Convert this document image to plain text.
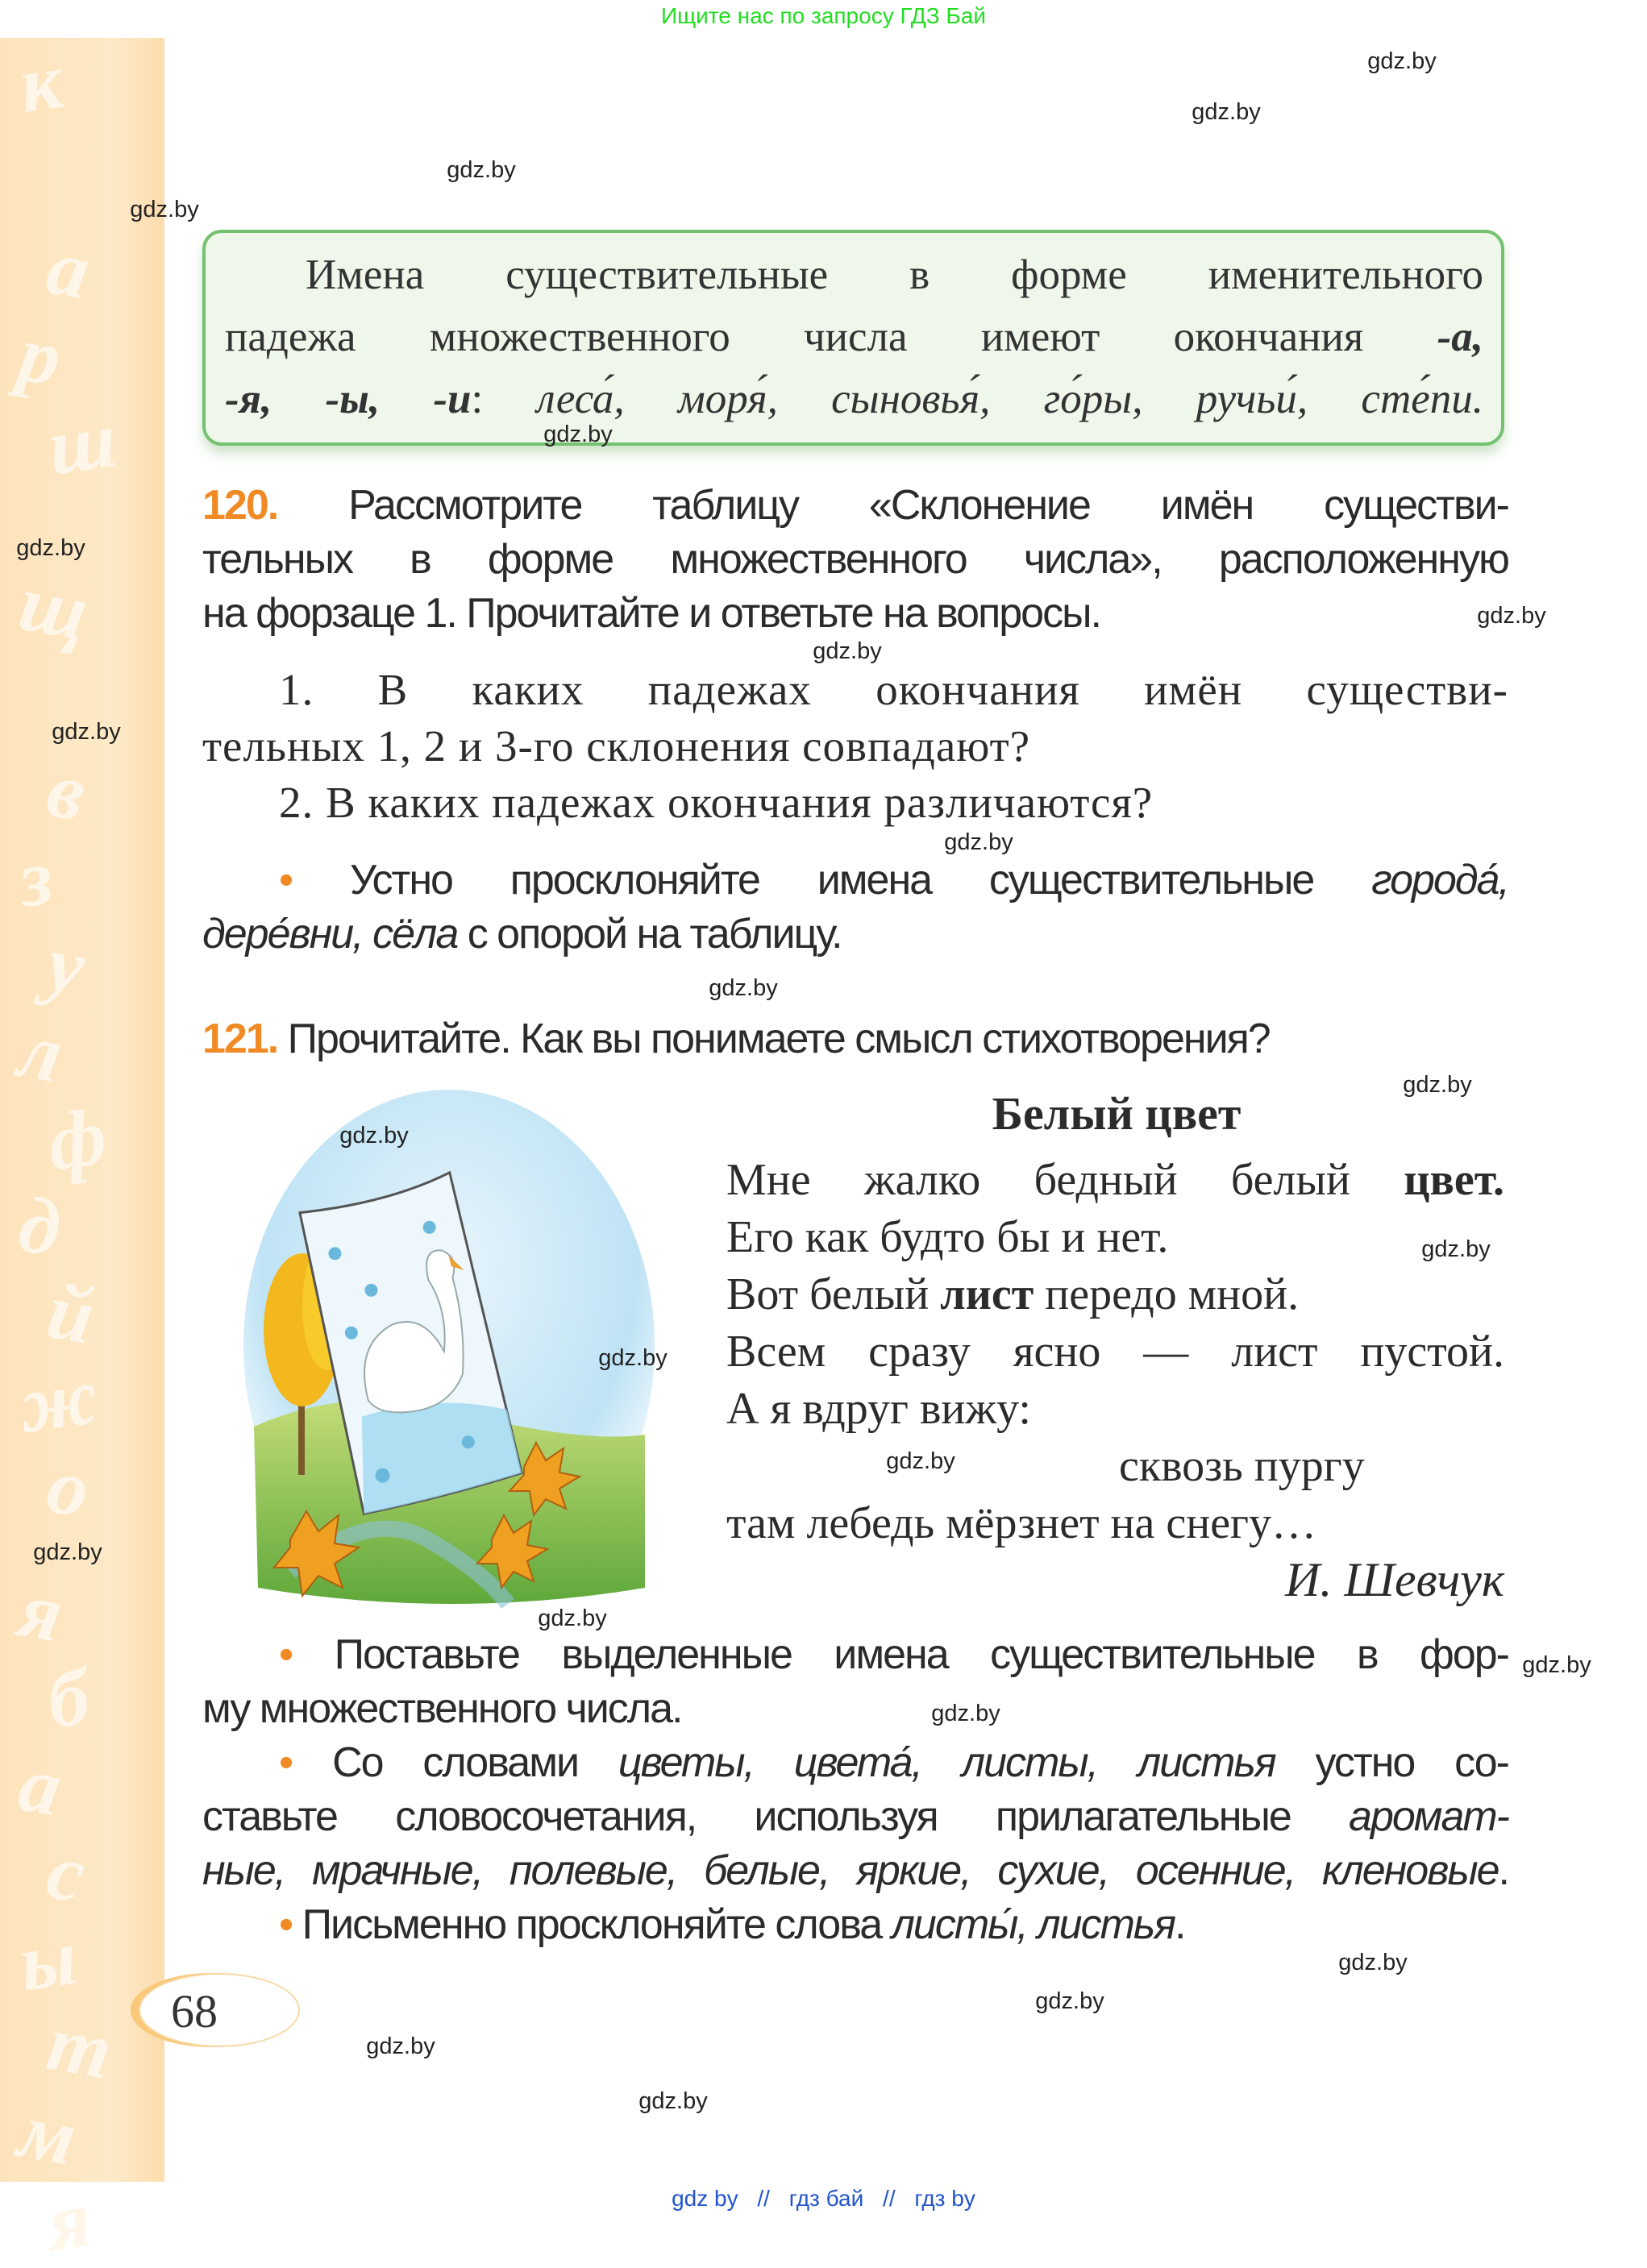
Ищите нас по запросу ГДЗ Бай
к
а
р
ш
щ
в
з
у
л
ф
д
й
ж
о
я
б
а
с
ы
т
м
я
Имена существительные в форме именительного
падежа множественного числа имеют окончания -а,
-я, -ы, -и: леса́, моря́, сыновья́, го́ры, ручьи́, сте́пи.
120. Рассмотрите таблицу «Склонение имён существи-
тельных в форме множественного числа», расположенную
на форзаце 1. Прочитайте и ответьте на вопросы.
1. В каких падежах окончания имён существи-
тельных 1, 2 и 3-го склонения совпадают?
2. В каких падежах окончания различаются?
• Устно просклоняйте имена существительные города́,
дере́вни, сёла с опорой на таблицу.
121. Прочитайте. Как вы понимаете смысл стихотворения?
Белый цвет
Мне жалко бедный белый цвет.
Его как будто бы и нет.
Вот белый лист передо мной.
Всем сразу ясно — лист пустой.
А я вдруг вижу:
сквозь пургу
там лебедь мёрзнет на снегу…
И. Шевчук
• Поставьте выделенные имена существительные в фор-
му множественного числа.
• Со словами цветы, цвета́, листы, листья устно со-
ставьте словосочетания, используя прилагательные аромат-
ные, мрачные, полевые, белые, яркие, сухие, осенние, кленовые.
• Письменно просклоняйте слова листы́, листья.
68
gdz.by
gdz.by
gdz.by
gdz.by
gdz.by
gdz.by
gdz.by
gdz.by
gdz.by
gdz.by
gdz.by
gdz.by
gdz.by
gdz.by
gdz.by
gdz.by
gdz.by
gdz.by
gdz.by
gdz.by
gdz.by
gdz.by
gdz.by
gdz.by
gdz by // гдз бай // гдз by
